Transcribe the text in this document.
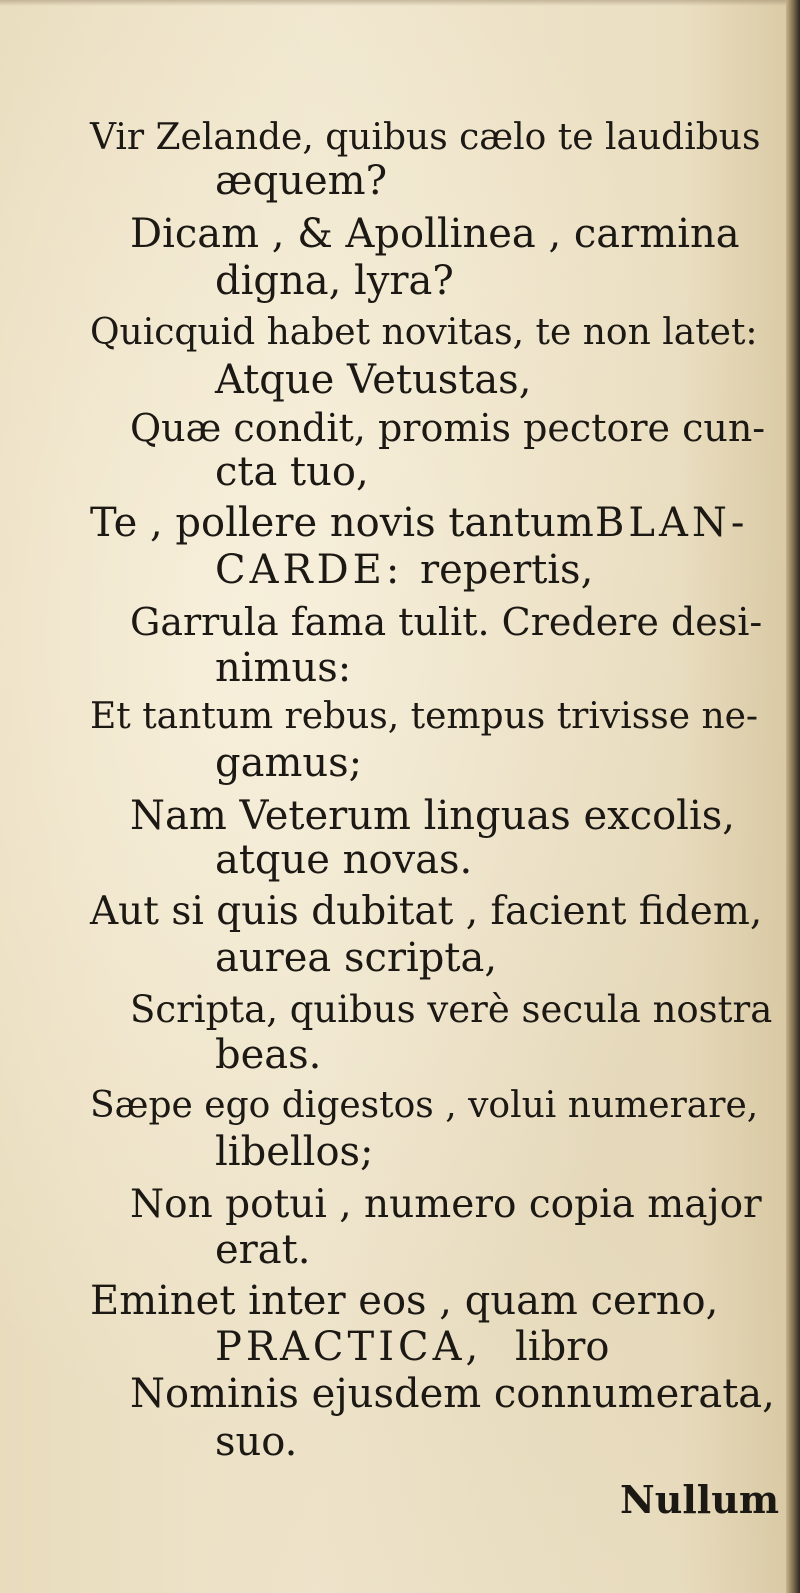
Vir Zelande, quibus cælo te laudibus
æquem?
Dicam , & Apollinea , carmina
digna, lyra?
Quicquid habet novitas, te non latet:
Atque Vetustas,
Quæ condit, promis pectore cun-
cta tuo,
Te , pollere novis tantum BLAN-
CARDE: repertis,
Garrula fama tulit. Credere desi-
nimus:
Et tantum rebus, tempus trivisse ne-
gamus;
Nam Veterum linguas excolis,
atque novas.
Aut si quis dubitat , facient fidem,
aurea scripta,
Scripta, quibus verè secula nostra
beas.
Sæpe ego digestos , volui numerare,
libellos;
Non potui , numero copia major
erat.
Eminet inter eos , quam cerno,
PRACTICA, libro
Nominis ejusdem connumerata,
suo.
Nullum
